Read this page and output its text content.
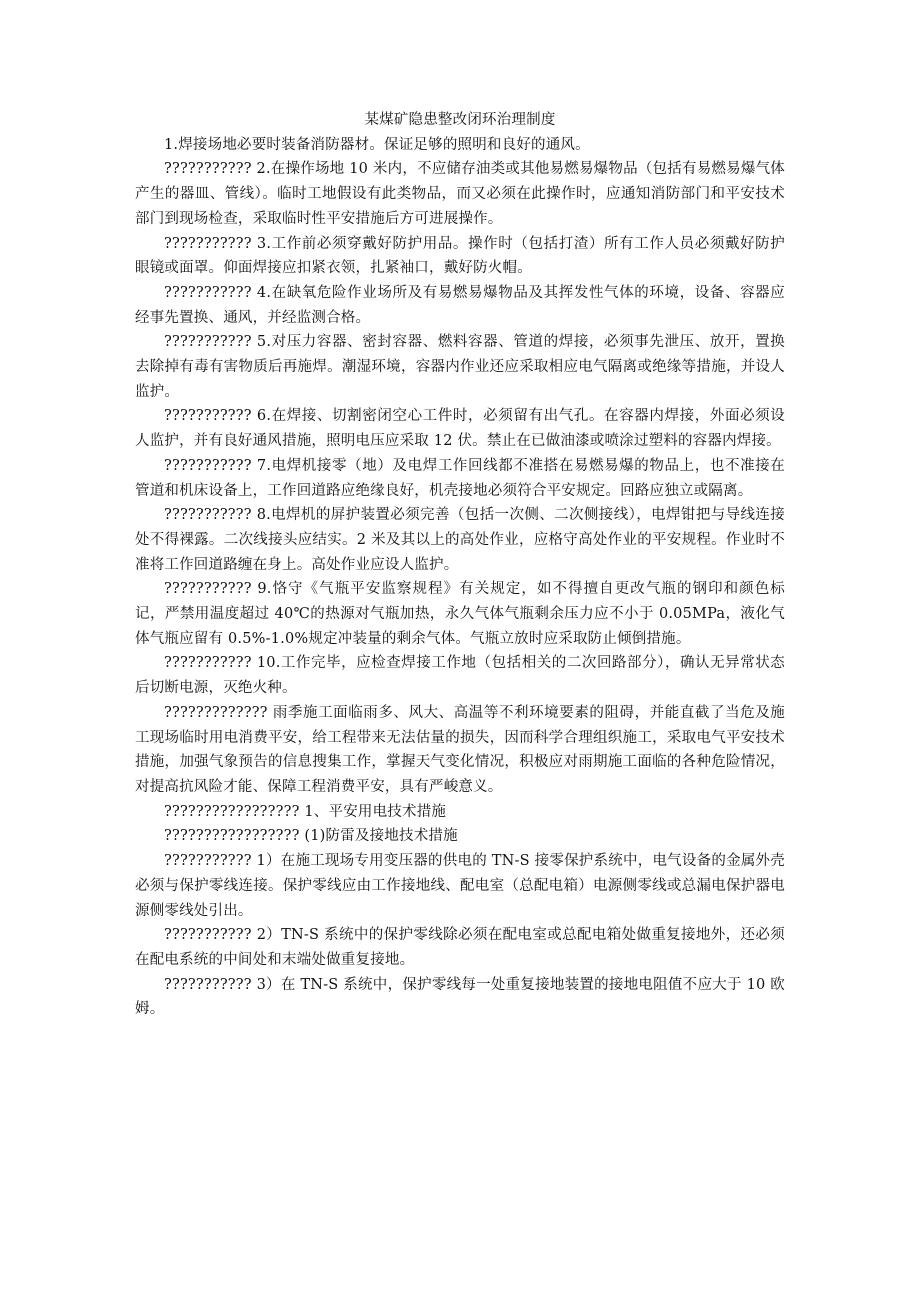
某煤矿隐患整改闭环治理制度

1.焊接场地必要时装备消防器材。保证足够的照明和良好的通风。

??????????? 2.在操作场地 10 米内，不应储存油类或其他易燃易爆物品（包括有易燃易爆气体产生的器皿、管线）。临时工地假设有此类物品，而又必须在此操作时，应通知消防部门和平安技术部门到现场检查，采取临时性平安措施后方可进展操作。

??????????? 3.工作前必须穿戴好防护用品。操作时（包括打渣）所有工作人员必须戴好防护眼镜或面罩。仰面焊接应扣紧衣领，扎紧袖口，戴好防火帽。

??????????? 4.在缺氧危险作业场所及有易燃易爆物品及其挥发性气体的环境，设备、容器应经事先置换、通风，并经监测合格。

??????????? 5.对压力容器、密封容器、燃料容器、管道的焊接，必须事先泄压、放开，置换去除掉有毒有害物质后再施焊。潮湿环境，容器内作业还应采取相应电气隔离或绝缘等措施，并设人监护。

??????????? 6.在焊接、切割密闭空心工件时，必须留有出气孔。在容器内焊接，外面必须设人监护，并有良好通风措施，照明电压应采取 12 伏。禁止在已做油漆或喷涂过塑料的容器内焊接。

??????????? 7.电焊机接零（地）及电焊工作回线都不准搭在易燃易爆的物品上，也不准接在管道和机床设备上，工作回道路应绝缘良好，机壳接地必须符合平安规定。回路应独立或隔离。

??????????? 8.电焊机的屏护装置必须完善（包括一次侧、二次侧接线），电焊钳把与导线连接处不得裸露。二次线接头应结实。2 米及其以上的高处作业，应格守高处作业的平安规程。作业时不准将工作回道路缠在身上。高处作业应设人监护。

??????????? 9.恪守《气瓶平安监察规程》有关规定，如不得擅自更改气瓶的钢印和颜色标记，严禁用温度超过 40℃的热源对气瓶加热，永久气体气瓶剩余压力应不小于 0.05MPa，液化气体气瓶应留有 0.5%-1.0%规定冲装量的剩余气体。气瓶立放时应采取防止倾倒措施。

??????????? 10.工作完毕，应检查焊接工作地（包括相关的二次回路部分），确认无异常状态后切断电源，灭绝火种。

????????????? 雨季施工面临雨多、风大、高温等不利环境要素的阻碍，并能直截了当危及施工现场临时用电消费平安，给工程带来无法估量的损失，因而科学合理组织施工，采取电气平安技术措施，加强气象预告的信息搜集工作，掌握天气变化情况，积极应对雨期施工面临的各种危险情况，对提高抗风险才能、保障工程消费平安，具有严峻意义。

????????????????? 1、平安用电技术措施

????????????????? (1)防雷及接地技术措施

??????????? 1）在施工现场专用变压器的供电的 TN-S 接零保护系统中，电气设备的金属外壳必须与保护零线连接。保护零线应由工作接地线、配电室（总配电箱）电源侧零线或总漏电保护器电源侧零线处引出。

??????????? 2）TN-S 系统中的保护零线除必须在配电室或总配电箱处做重复接地外，还必须在配电系统的中间处和末端处做重复接地。

??????????? 3）在 TN-S 系统中，保护零线每一处重复接地装置的接地电阻值不应大于 10 欧姆。
